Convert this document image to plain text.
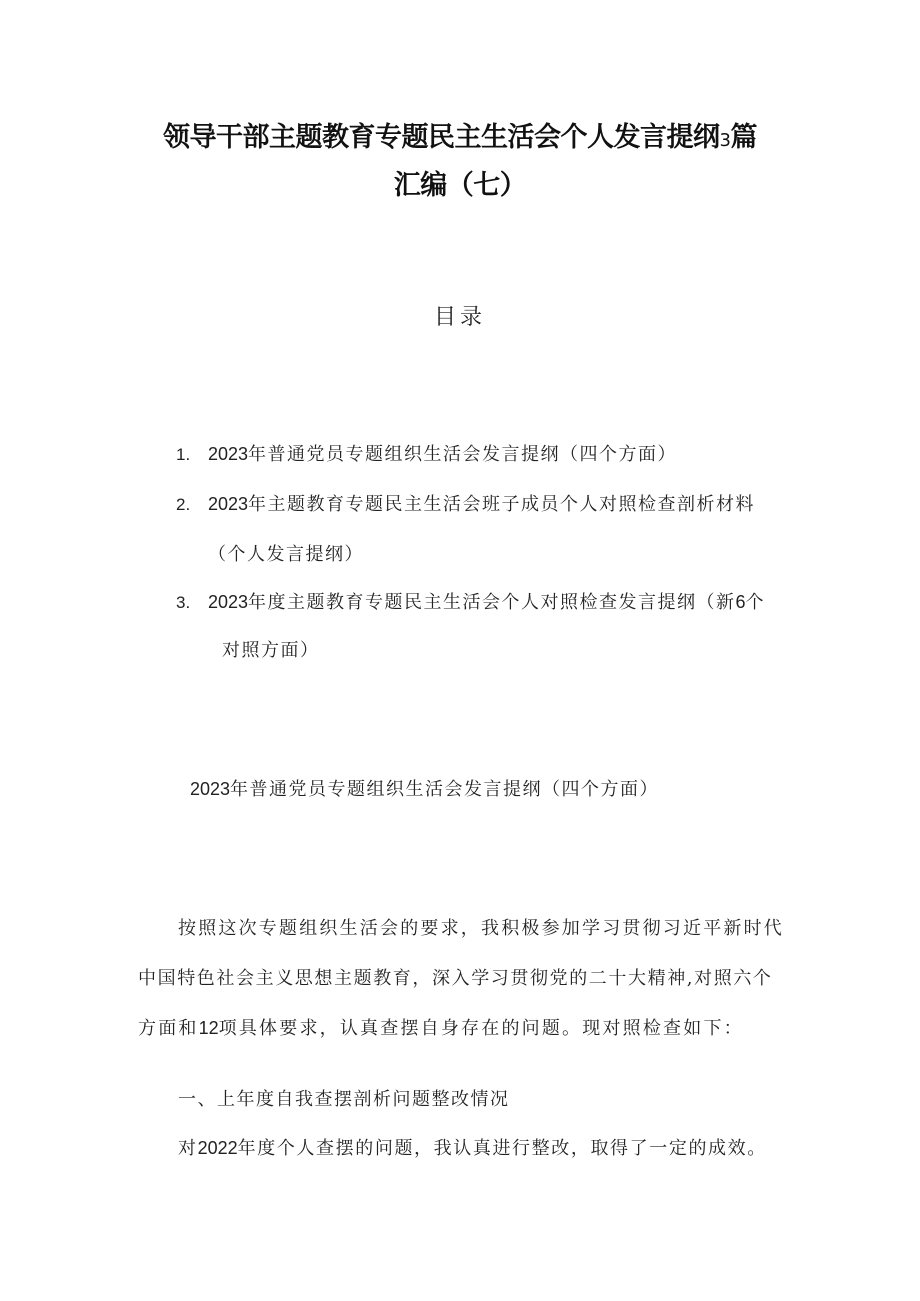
领导干部主题教育专题民主生活会个人发言提纲3篇
汇编（七）
目录
1. 2023年普通党员专题组织生活会发言提纲（四个方面）
2. 2023年主题教育专题民主生活会班子成员个人对照检查剖析材料
（个人发言提纲）
3. 2023年度主题教育专题民主生活会个人对照检查发言提纲（新6个
对照方面）
2023年普通党员专题组织生活会发言提纲（四个方面）
按照这次专题组织生活会的要求，我积极参加学习贯彻习近平新时代
中国特色社会主义思想主题教育，深入学习贯彻党的二十大精神,对照六个
方面和12项具体要求，认真查摆自身存在的问题。现对照检查如下：
一、上年度自我查摆剖析问题整改情况
对2022年度个人查摆的问题，我认真进行整改，取得了一定的成效。
